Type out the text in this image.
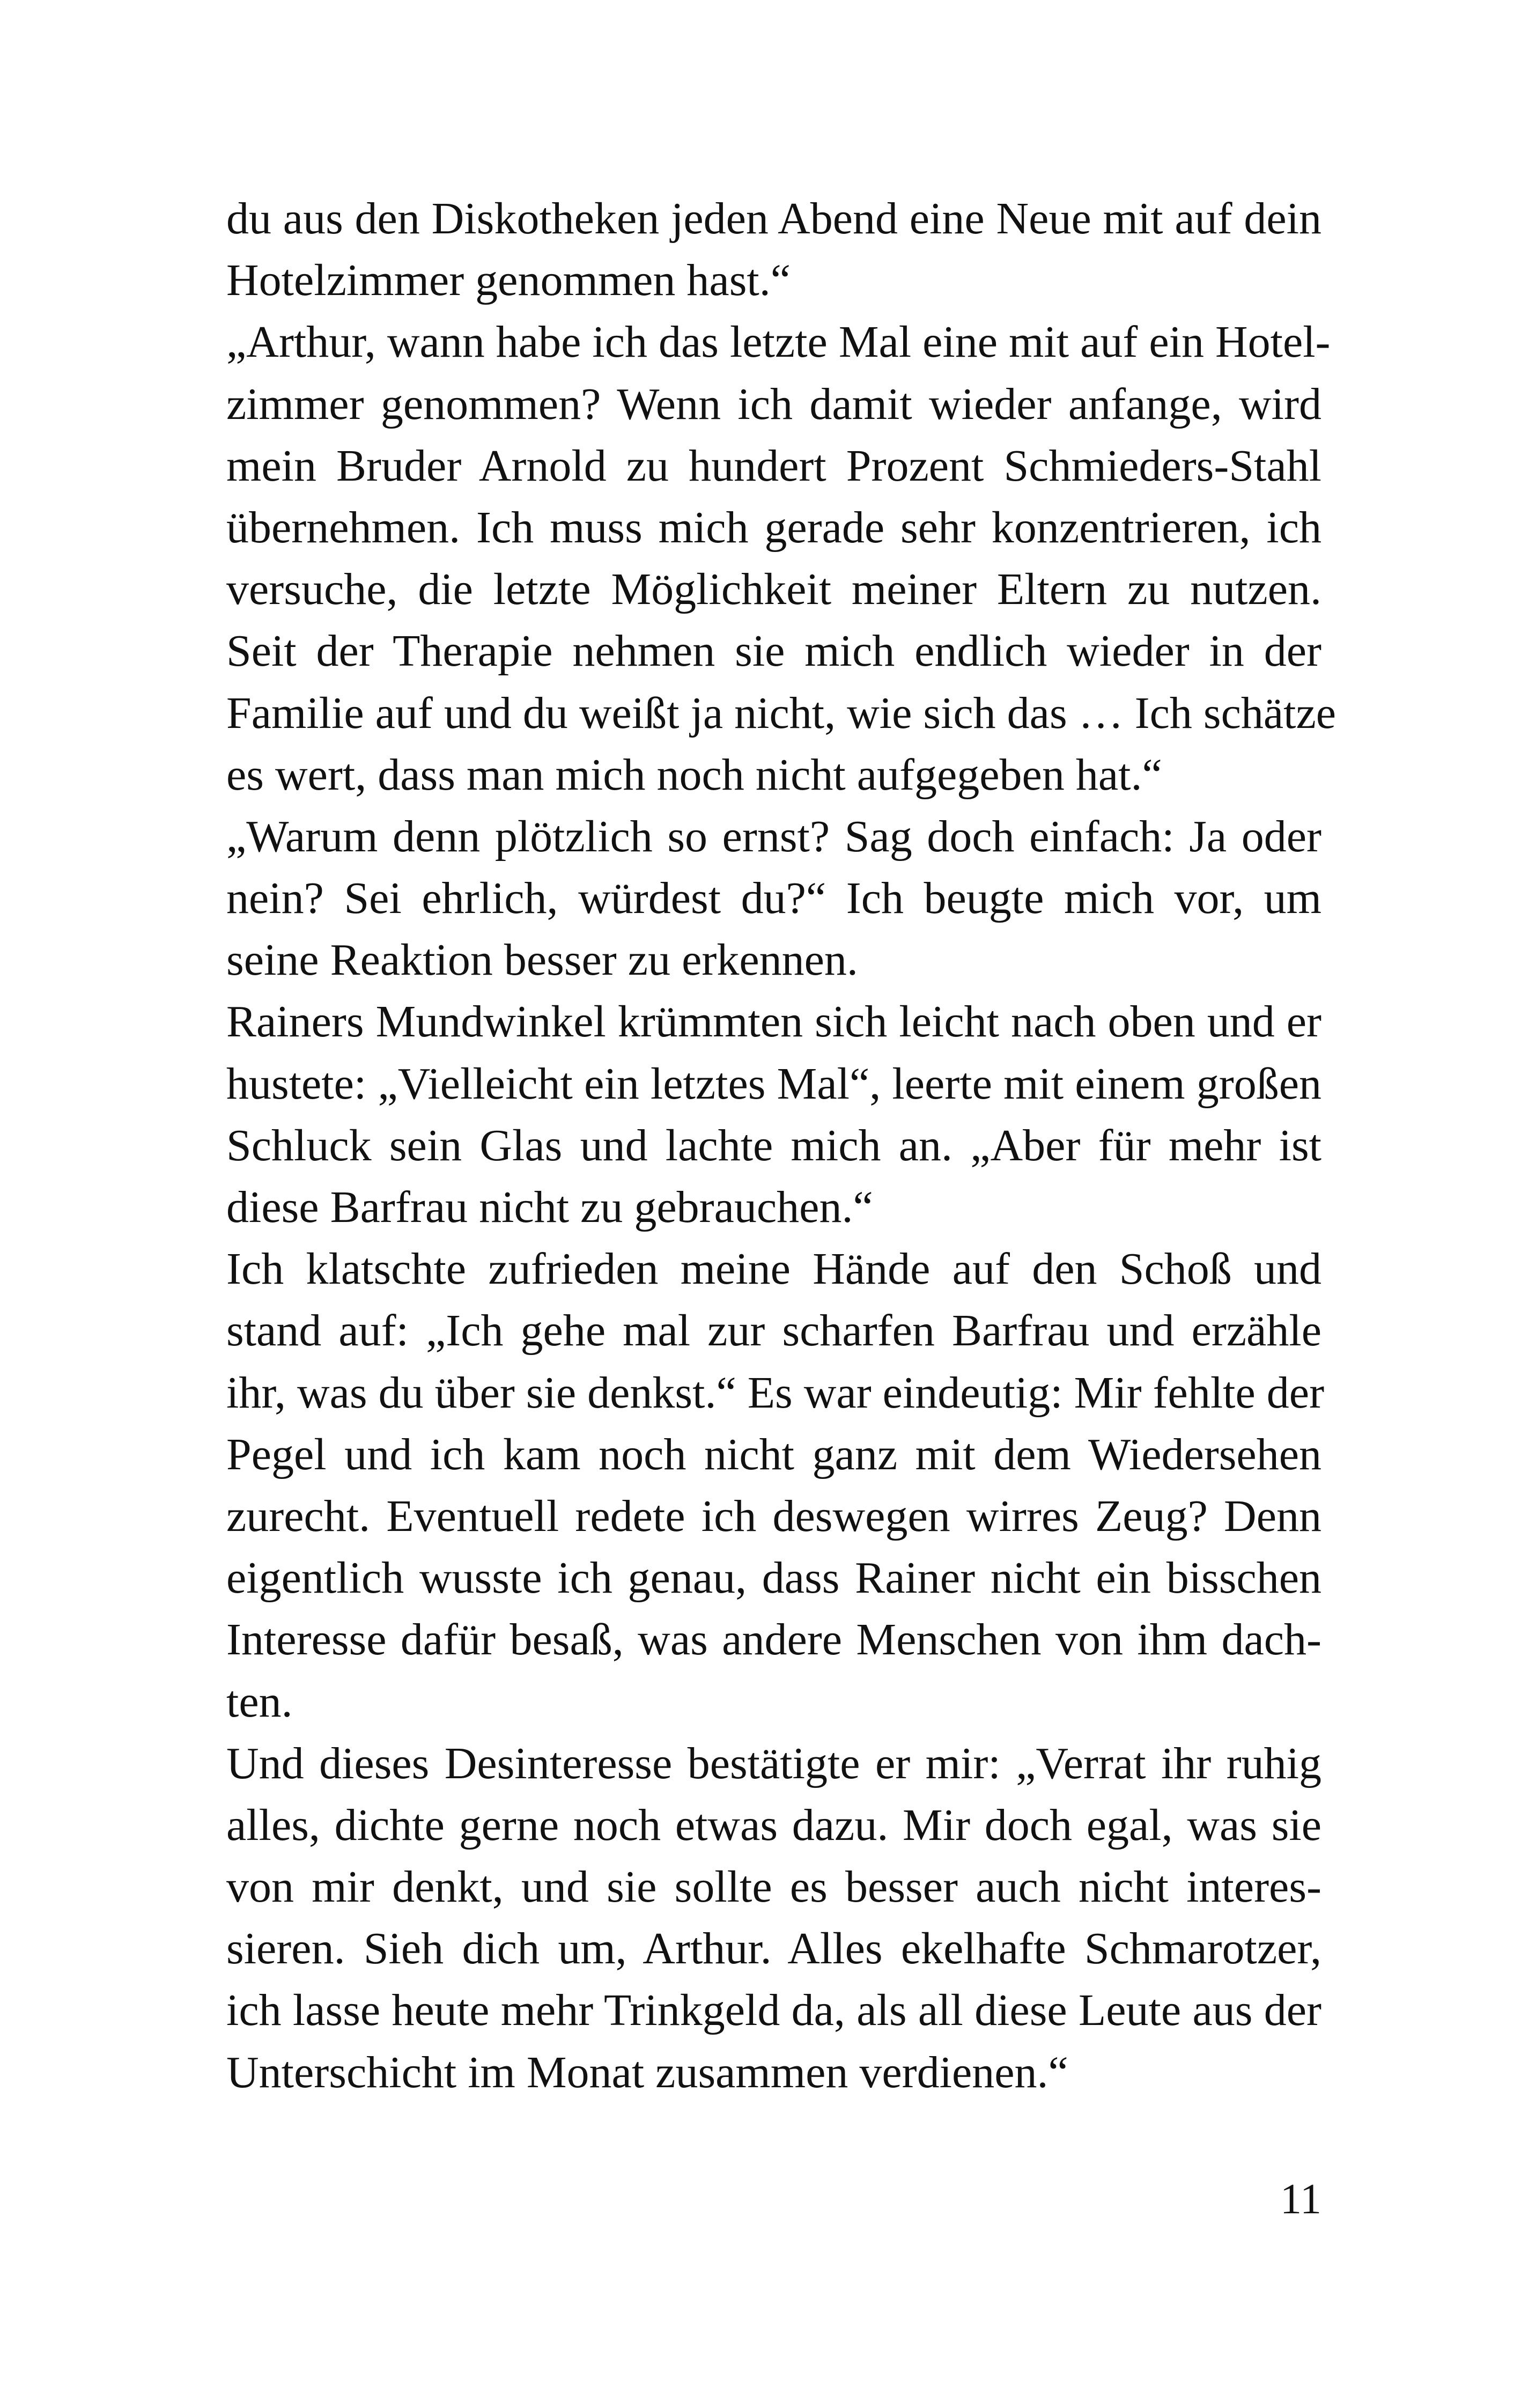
du aus den Diskotheken jeden Abend eine Neue mit auf dein
Hotelzimmer genommen hast.“
„Arthur, wann habe ich das letzte Mal eine mit auf ein Hotel-
zimmer genommen? Wenn ich damit wieder anfange, wird
mein Bruder Arnold zu hundert Prozent Schmieders-Stahl
übernehmen. Ich muss mich gerade sehr konzentrieren, ich
versuche, die letzte Möglichkeit meiner Eltern zu nutzen.
Seit der Therapie nehmen sie mich endlich wieder in der
Familie auf und du weißt ja nicht, wie sich das … Ich schätze
es wert, dass man mich noch nicht aufgegeben hat.“
„Warum denn plötzlich so ernst? Sag doch einfach: Ja oder
nein? Sei ehrlich, würdest du?“ Ich beugte mich vor, um
seine Reaktion besser zu erkennen.
Rainers Mundwinkel krümmten sich leicht nach oben und er
hustete: „Vielleicht ein letztes Mal“, leerte mit einem großen
Schluck sein Glas und lachte mich an. „Aber für mehr ist
diese Barfrau nicht zu gebrauchen.“
Ich klatschte zufrieden meine Hände auf den Schoß und
stand auf: „Ich gehe mal zur scharfen Barfrau und erzähle
ihr, was du über sie denkst.“ Es war eindeutig: Mir fehlte der
Pegel und ich kam noch nicht ganz mit dem Wiedersehen
zurecht. Eventuell redete ich deswegen wirres Zeug? Denn
eigentlich wusste ich genau, dass Rainer nicht ein bisschen
Interesse dafür besaß, was andere Menschen von ihm dach-
ten.
Und dieses Desinteresse bestätigte er mir: „Verrat ihr ruhig
alles, dichte gerne noch etwas dazu. Mir doch egal, was sie
von mir denkt, und sie sollte es besser auch nicht interes-
sieren. Sieh dich um, Arthur. Alles ekelhafte Schmarotzer,
ich lasse heute mehr Trinkgeld da, als all diese Leute aus der
Unterschicht im Monat zusammen verdienen.“
11
